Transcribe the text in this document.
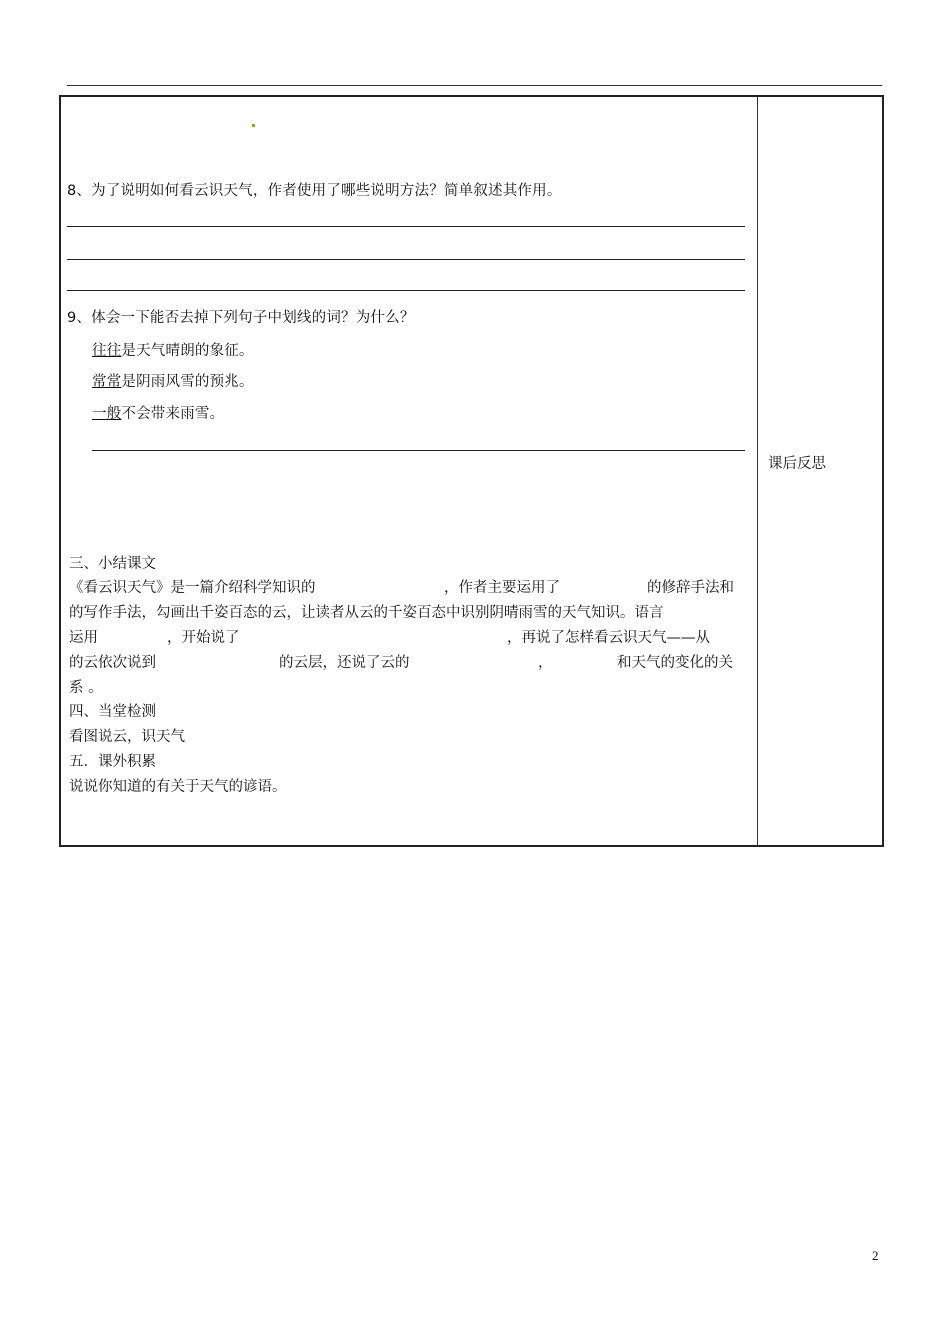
8、为了说明如何看云识天气，作者使用了哪些说明方法？简单叙述其作用。
9、体会一下能否去掉下列句子中划线的词？为什么？
往往是天气晴朗的象征。
常常是阴雨风雪的预兆。
一般不会带来雨雪。
三、小结课文
《看云识天气》是一篇介绍科学知识的	，作者主要运用了	的修辞手法和
的写作手法，勾画出千姿百态的云，让读者从云的千姿百态中识别阴晴雨雪的天气知识。语言
运用	，开始说了	，再说了怎样看云识天气——从
的云依次说到	的云层，还说了云的	，	和天气的变化的关
系 。
四、当堂检测
看图说云，识天气
五．课外积累
说说你知道的有关于天气的谚语。
课后反思
2
